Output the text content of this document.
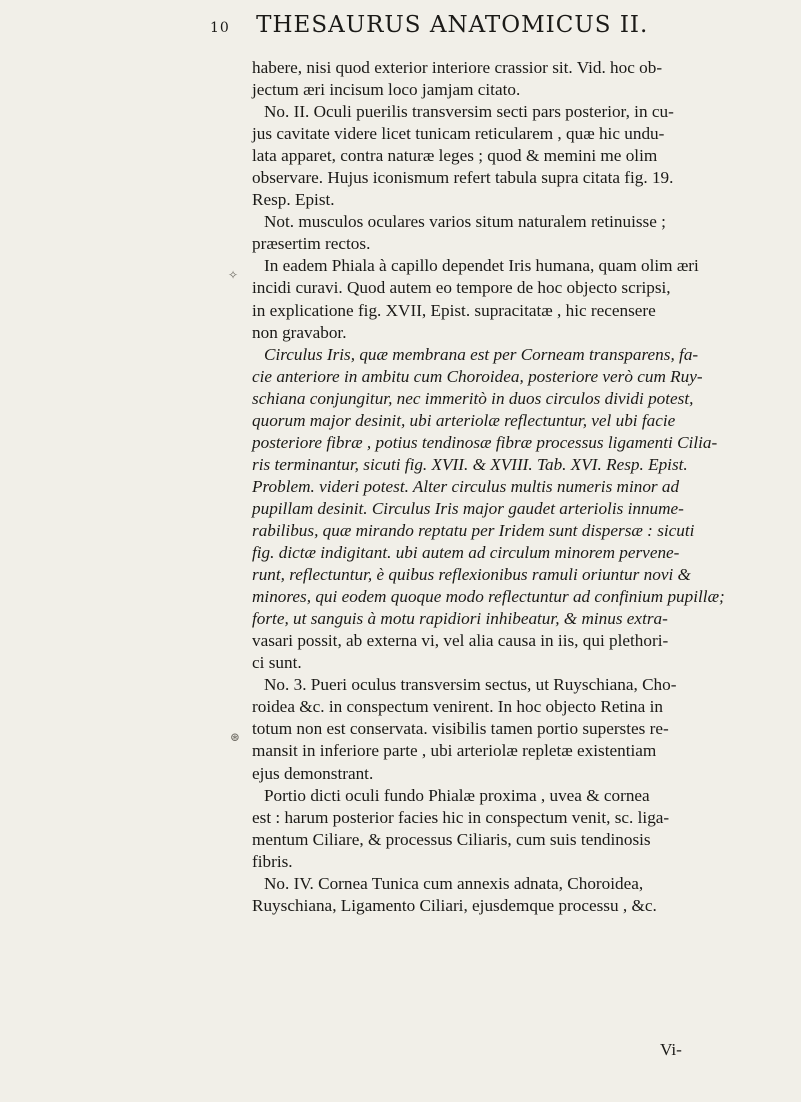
10 THESAURUS ANATOMICUS II.
✧
⊛
habere, nisi quod exterior interiore crassior sit. Vid. hoc ob-
jectum æri incisum loco jamjam citato.
No. II. Oculi puerilis transversim secti pars posterior, in cu-
jus cavitate videre licet tunicam reticularem , quæ hic undu-
lata apparet, contra naturæ leges ; quod & memini me olim
observare. Hujus iconismum refert tabula supra citata fig. 19.
Resp. Epist.
Not. musculos oculares varios situm naturalem retinuisse ;
præsertim rectos.
In eadem Phiala à capillo dependet Iris humana, quam olim æri
incidi curavi. Quod autem eo tempore de hoc objecto scripsi,
in explicatione fig. XVII, Epist. supracitatæ , hic recensere
non gravabor.
Circulus Iris, quæ membrana est per Corneam transparens, fa-
cie anteriore in ambitu cum Choroidea, posteriore verò cum Ruy-
schiana conjungitur, nec immeritò in duos circulos dividi potest,
quorum major desinit, ubi arteriolæ reflectuntur, vel ubi facie
posteriore fibræ , potius tendinosæ fibræ processus ligamenti Cilia-
ris terminantur, sicuti fig. XVII. & XVIII. Tab. XVI. Resp. Epist.
Problem. videri potest. Alter circulus multis numeris minor ad
pupillam desinit. Circulus Iris major gaudet arteriolis innume-
rabilibus, quæ mirando reptatu per Iridem sunt dispersæ : sicuti
fig. dictæ indigitant. ubi autem ad circulum minorem pervene-
runt, reflectuntur, è quibus reflexionibus ramuli oriuntur novi &
minores, qui eodem quoque modo reflectuntur ad confinium pupillæ;
forte, ut sanguis à motu rapidiori inhibeatur, & minus extra-
vasari possit, ab externa vi, vel alia causa in iis, qui plethori-
ci sunt.
No. 3. Pueri oculus transversim sectus, ut Ruyschiana, Cho-
roidea &c. in conspectum venirent. In hoc objecto Retina in
totum non est conservata. visibilis tamen portio superstes re-
mansit in inferiore parte , ubi arteriolæ repletæ existentiam
ejus demonstrant.
Portio dicti oculi fundo Phialæ proxima , uvea & cornea
est : harum posterior facies hic in conspectum venit, sc. liga-
mentum Ciliare, & processus Ciliaris, cum suis tendinosis
fibris.
No. IV. Cornea Tunica cum annexis adnata, Choroidea,
Ruyschiana, Ligamento Ciliari, ejusdemque processu , &c.
Vi-
